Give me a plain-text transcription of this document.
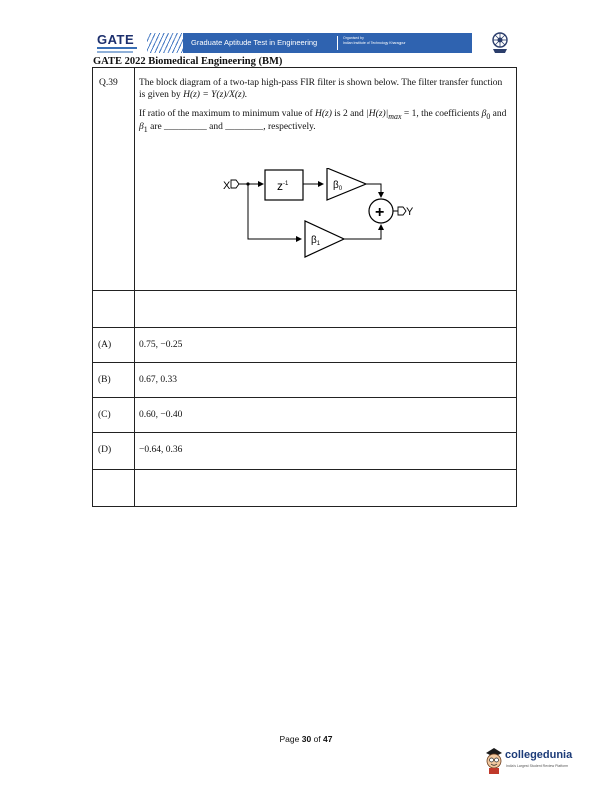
GATE	Graduate Aptitude Test in Engineering	Organised by
Indian Institute of Technology Kharagpur
GATE 2022 Biomedical Engineering (BM)
Q.39 The block diagram of a two-tap high-pass FIR filter is shown below. The filter transfer function is given by H(z) = Y(z)/X(z).

If ratio of the maximum to minimum value of H(z) is 2 and $|H(z)|_{max} = 1$, the coefficients $\beta_0$ and $\beta_1$ are _________ and ________, respectively.

X	$z^{-1}$	$\beta_0$
$\beta_1$
+ Y
(A)	0.75, −0.25
(B)	0.67, 0.33
(C)	0.60, −0.40
(D)	−0.64, 0.36
Page 30 of 47
collegedunia
India's Largest Student Review Platform
